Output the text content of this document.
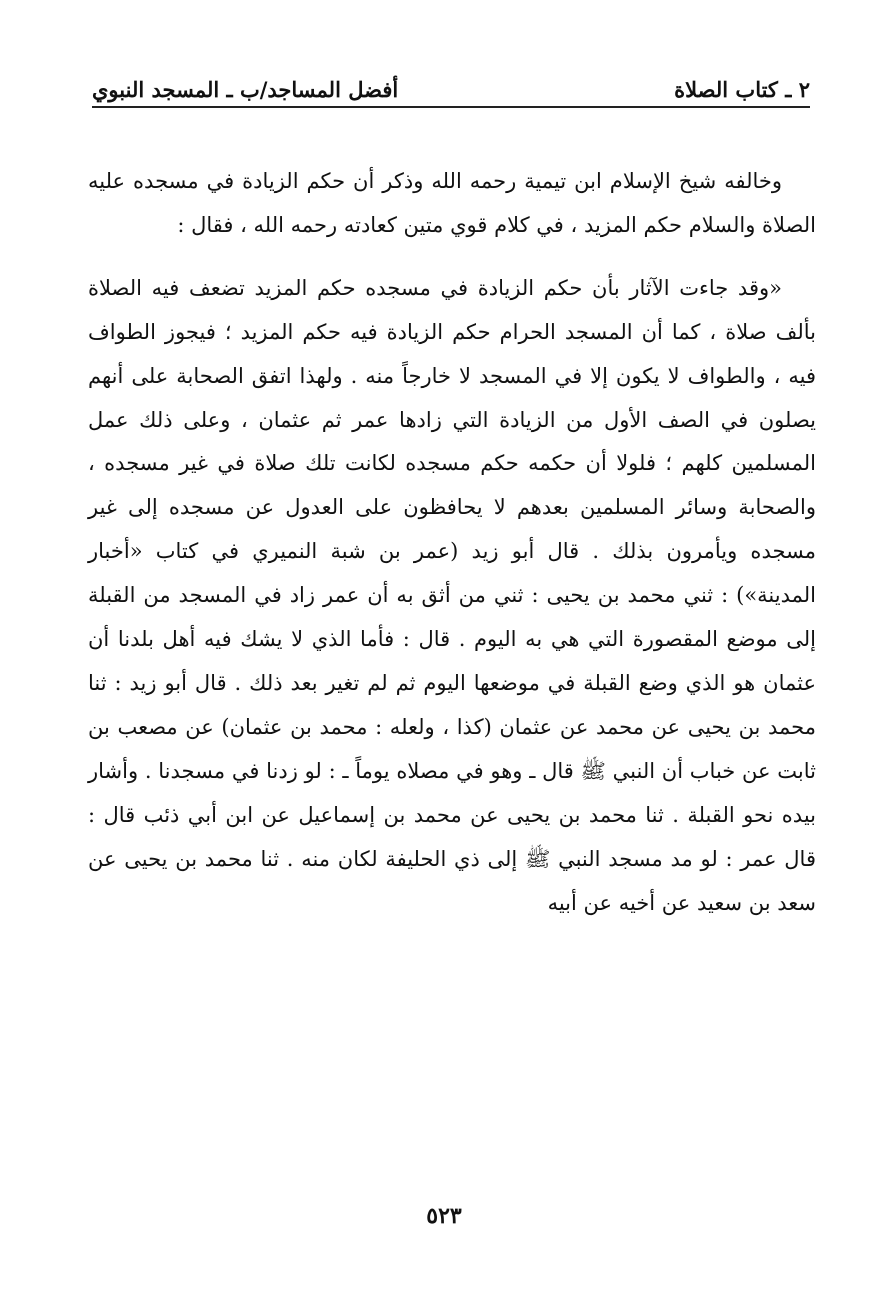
٢ ـ كتاب الصلاة
أفضل المساجد/ب ـ المسجد النبوي

وخالفه شيخ الإسلام ابن تيمية رحمه الله وذكر أن حكم الزيادة في مسجده عليه الصلاة والسلام حكم المزيد ، في كلام قوي متين كعادته رحمه الله ، فقال :

«وقد جاءت الآثار بأن حكم الزيادة في مسجده حكم المزيد تضعف فيه الصلاة بألف صلاة ، كما أن المسجد الحرام حكم الزيادة فيه حكم المزيد ؛ فيجوز الطواف فيه ، والطواف لا يكون إلا في المسجد لا خارجاً منه . ولهذا اتفق الصحابة على أنهم يصلون في الصف الأول من الزيادة التي زادها عمر ثم عثمان ، وعلى ذلك عمل المسلمين كلهم ؛ فلولا أن حكمه حكم مسجده لكانت تلك صلاة في غير مسجده ، والصحابة وسائر المسلمين بعدهم لا يحافظون على العدول عن مسجده إلى غير مسجده ويأمرون بذلك . قال أبو زيد (عمر بن شبة النميري في كتاب «أخبار المدينة») : ثني محمد بن يحيى : ثني من أثق به أن عمر زاد في المسجد من القبلة إلى موضع المقصورة التي هي به اليوم . قال : فأما الذي لا يشك فيه أهل بلدنا أن عثمان هو الذي وضع القبلة في موضعها اليوم ثم لم تغير بعد ذلك . قال أبو زيد : ثنا محمد بن يحيى عن محمد عن عثمان (كذا ، ولعله : محمد بن عثمان) عن مصعب بن ثابت عن خباب أن النبي ﷺ قال ـ وهو في مصلاه يوماً ـ : لو زدنا في مسجدنا . وأشار بيده نحو القبلة . ثنا محمد بن يحيى عن محمد بن إسماعيل عن ابن أبي ذئب قال : قال عمر : لو مد مسجد النبي ﷺ إلى ذي الحليفة لكان منه . ثنا محمد بن يحيى عن سعد بن سعيد عن أخيه عن أبيه

٥٢٣
